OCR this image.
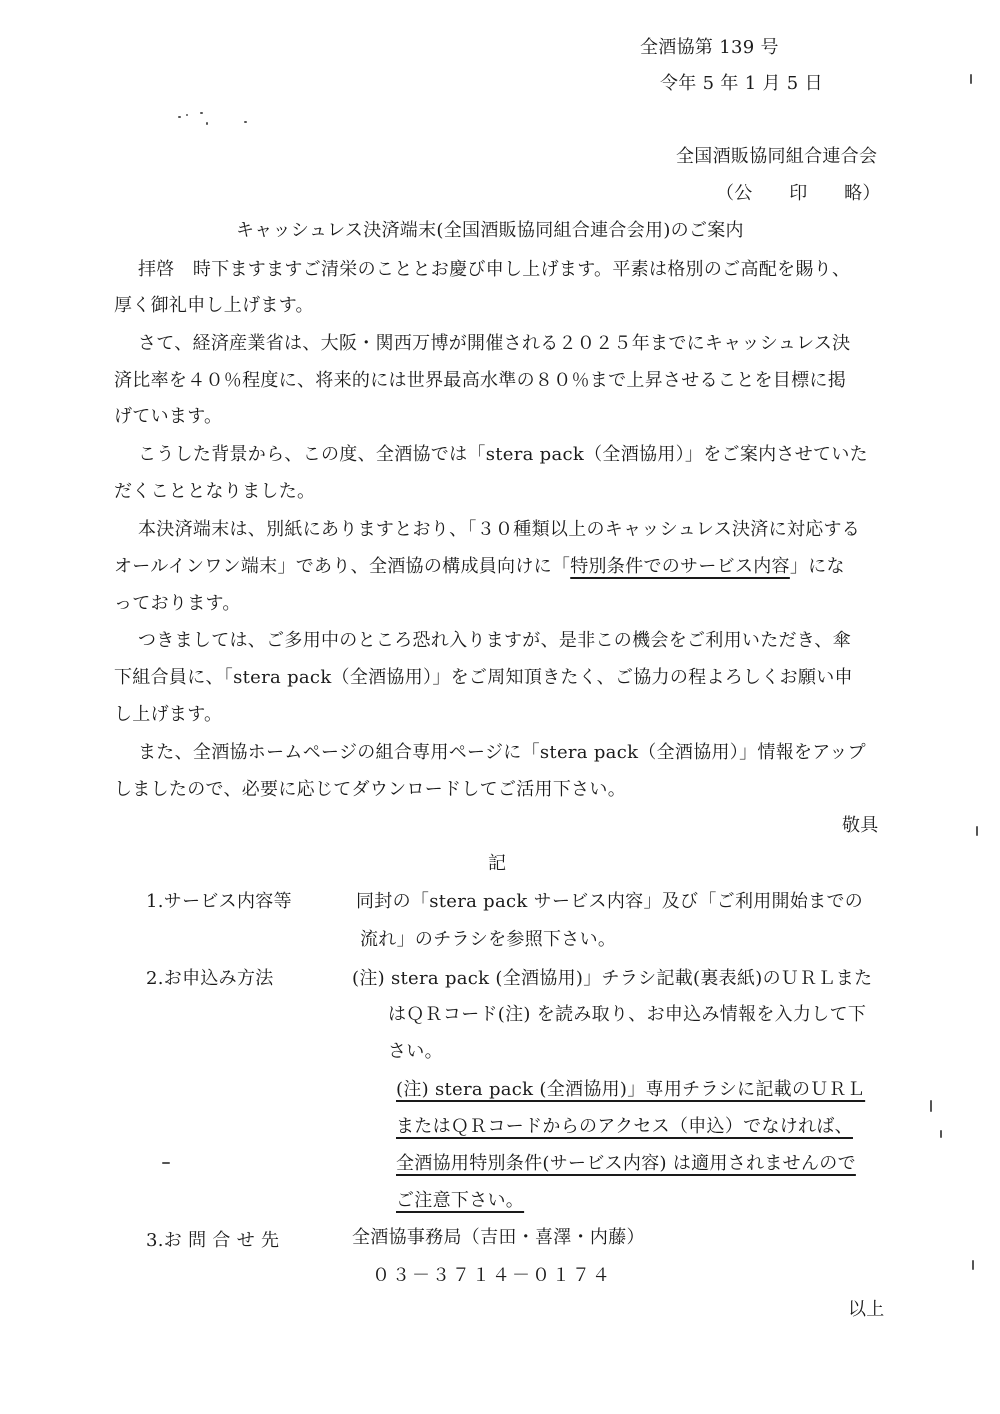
全酒協第 139 号
令年 5 年 1 月 5 日
全国酒販協同組合連合会
（公　　印　　略）
キャッシュレス決済端末(全国酒販協同組合連合会用)のご案内
拝啓　時下ますますご清栄のこととお慶び申し上げます。平素は格別のご高配を賜り、
厚く御礼申し上げます。
さて、経済産業省は、大阪・関西万博が開催される２０２５年までにキャッシュレス決
済比率を４０％程度に、将来的には世界最高水準の８０％まで上昇させることを目標に掲
げています。
こうした背景から、この度、全酒協では「stera pack（全酒協用）」をご案内させていた
だくこととなりました。
本決済端末は、別紙にありますとおり、「３０種類以上のキャッシュレス決済に対応する
オールインワン端末」であり、全酒協の構成員向けに「特別条件でのサービス内容」にな
っております。
つきましては、ご多用中のところ恐れ入りますが、是非この機会をご利用いただき、傘
下組合員に、「stera pack（全酒協用）」をご周知頂きたく、ご協力の程よろしくお願い申
し上げます。
また、全酒協ホームページの組合専用ページに「stera pack（全酒協用）」情報をアップ
しましたので、必要に応じてダウンロードしてご活用下さい。
敬具
記
1.サービス内容等	同封の「stera pack サービス内容」及び「ご利用開始までの
流れ」のチラシを参照下さい。
2.お申込み方法	(注) stera pack (全酒協用)」チラシ記載(裏表紙)のＵＲＬまた
はＱＲコード(注) を読み取り、お申込み情報を入力して下
さい。
(注) stera pack (全酒協用)」専用チラシに記載のＵＲＬ
またはＱＲコードからのアクセス（申込）でなければ、
全酒協用特別条件(サービス内容) は適用されませんので
ご注意下さい。
3.お 問 合 せ 先	全酒協事務局（吉田・喜澤・内藤）
０３－３７１４－０１７４
以上
